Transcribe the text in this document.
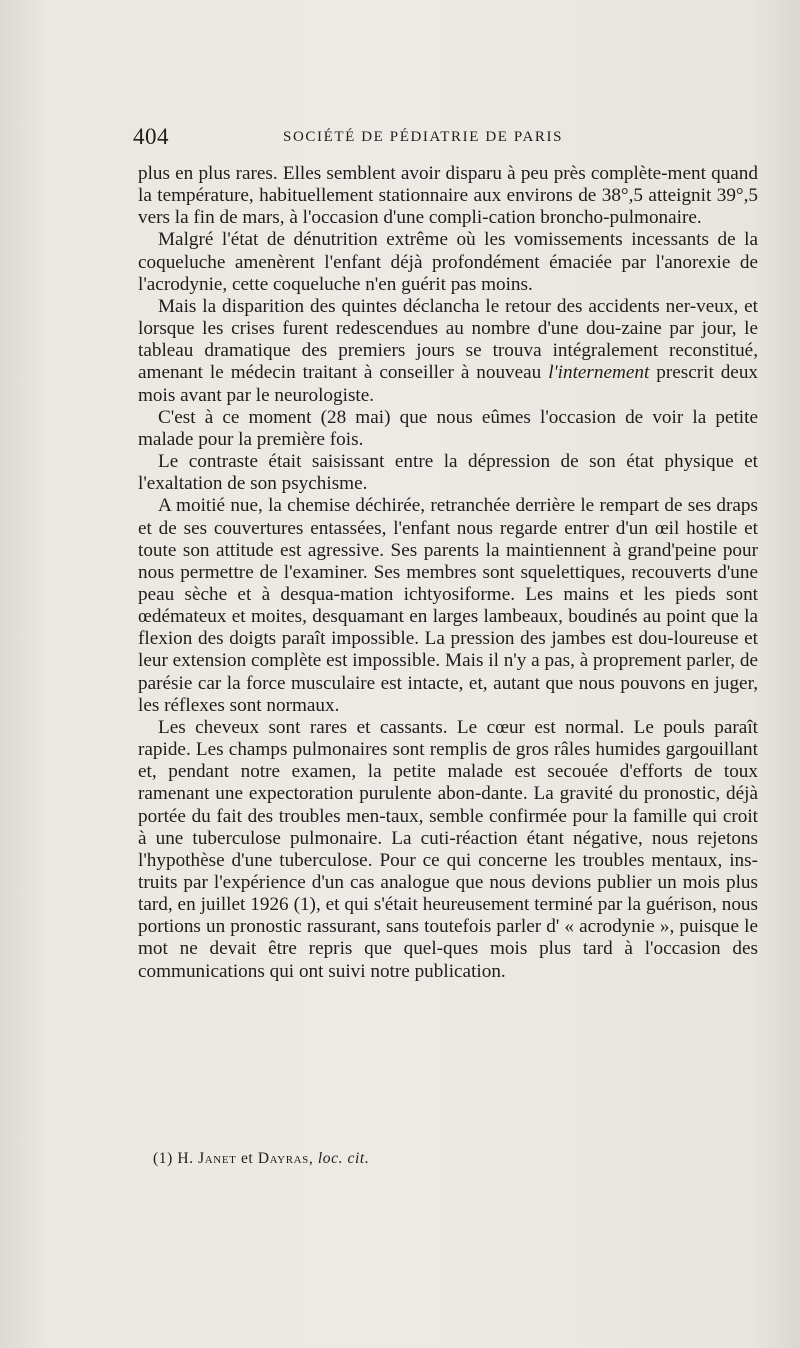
404	SOCIÉTÉ DE PÉDIATRIE DE PARIS

plus en plus rares. Elles semblent avoir disparu à peu près complète-ment quand la température, habituellement stationnaire aux environs de 38°,5 atteignit 39°,5 vers la fin de mars, à l'occasion d'une compli-cation broncho-pulmonaire.

Malgré l'état de dénutrition extrême où les vomissements incessants de la coqueluche amenèrent l'enfant déjà profondément émaciée par l'anorexie de l'acrodynie, cette coqueluche n'en guérit pas moins.

Mais la disparition des quintes déclancha le retour des accidents ner-veux, et lorsque les crises furent redescendues au nombre d'une dou-zaine par jour, le tableau dramatique des premiers jours se trouva intégralement reconstitué, amenant le médecin traitant à conseiller à nouveau l'internement prescrit deux mois avant par le neurologiste.

C'est à ce moment (28 mai) que nous eûmes l'occasion de voir la petite malade pour la première fois.

Le contraste était saisissant entre la dépression de son état physique et l'exaltation de son psychisme.

A moitié nue, la chemise déchirée, retranchée derrière le rempart de ses draps et de ses couvertures entassées, l'enfant nous regarde entrer d'un œil hostile et toute son attitude est agressive. Ses parents la maintiennent à grand'peine pour nous permettre de l'examiner. Ses membres sont squelettiques, recouverts d'une peau sèche et à desqua-mation ichtyosiforme. Les mains et les pieds sont œdémateux et moites, desquamant en larges lambeaux, boudinés au point que la flexion des doigts paraît impossible. La pression des jambes est dou-loureuse et leur extension complète est impossible. Mais il n'y a pas, à proprement parler, de parésie car la force musculaire est intacte, et, autant que nous pouvons en juger, les réflexes sont normaux.

Les cheveux sont rares et cassants. Le cœur est normal. Le pouls paraît rapide. Les champs pulmonaires sont remplis de gros râles humides gargouillant et, pendant notre examen, la petite malade est secouée d'efforts de toux ramenant une expectoration purulente abon-dante. La gravité du pronostic, déjà portée du fait des troubles men-taux, semble confirmée pour la famille qui croit à une tuberculose pulmonaire. La cuti-réaction étant négative, nous rejetons l'hypothèse d'une tuberculose. Pour ce qui concerne les troubles mentaux, ins-truits par l'expérience d'un cas analogue que nous devions publier un mois plus tard, en juillet 1926 (1), et qui s'était heureusement terminé par la guérison, nous portions un pronostic rassurant, sans toutefois parler d' « acrodynie », puisque le mot ne devait être repris que quel-ques mois plus tard à l'occasion des communications qui ont suivi notre publication.

(1) H. Janet et Dayras, loc. cit.
